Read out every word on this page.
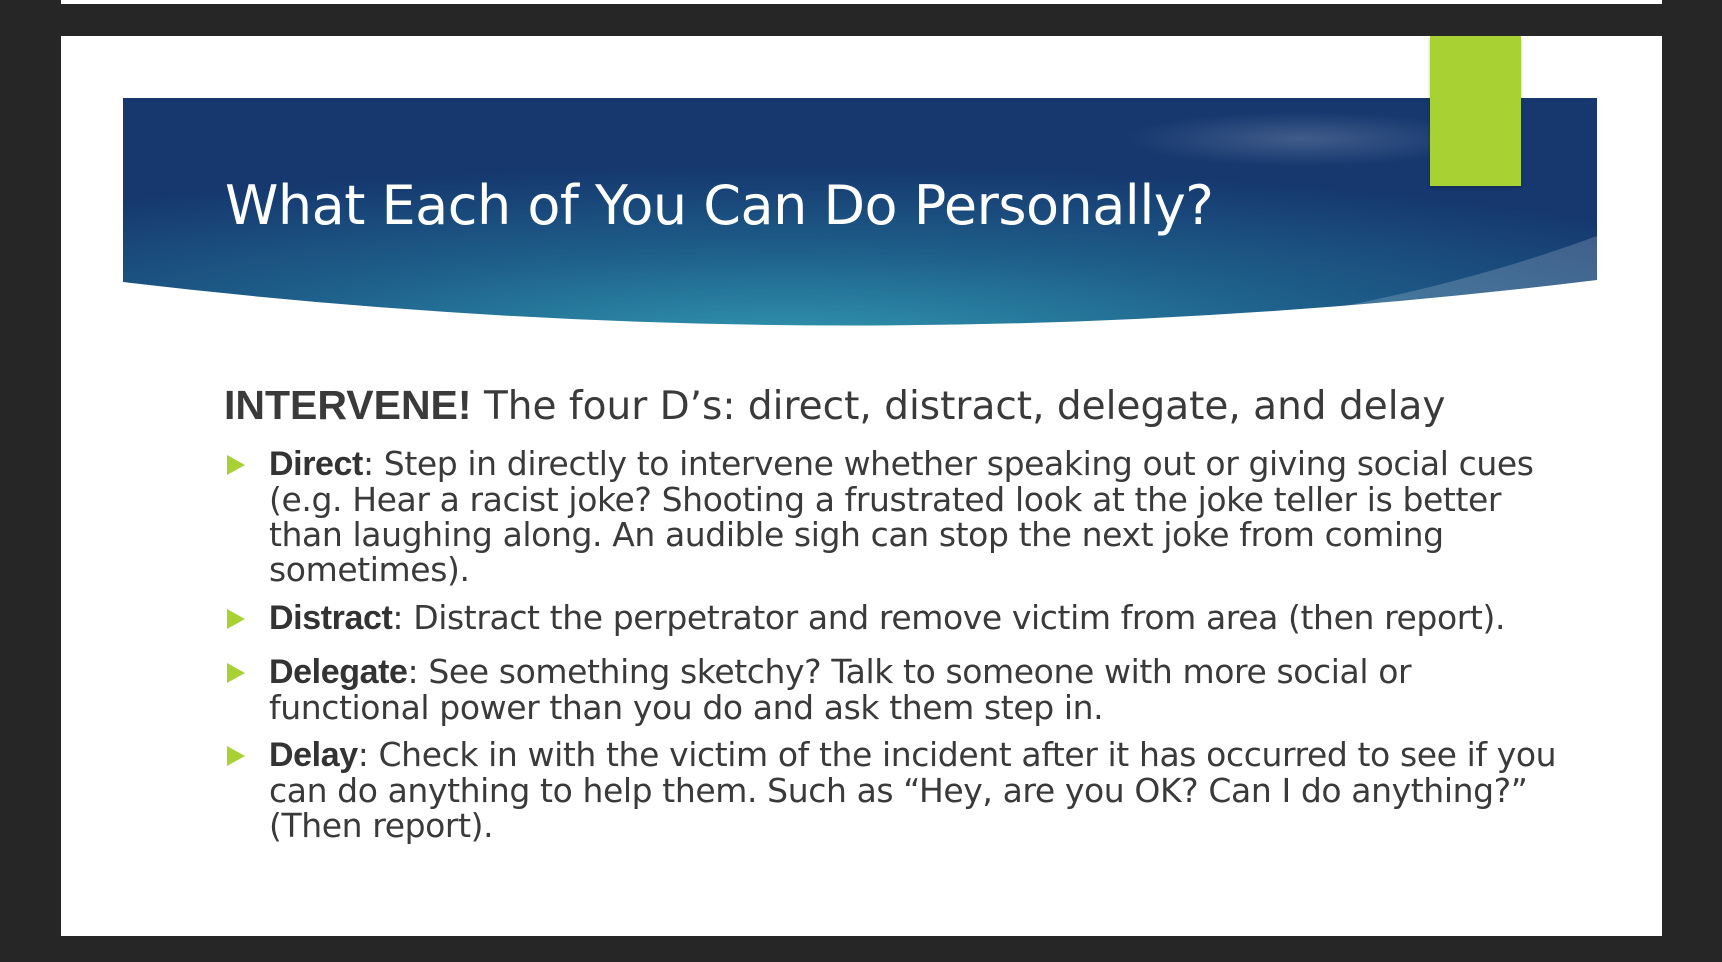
What Each of You Can Do Personally?

INTERVENE! The four D’s: direct, distract, delegate, and delay

Direct: Step in directly to intervene whether speaking out or giving social cues (e.g. Hear a racist joke? Shooting a frustrated look at the joke teller is better than laughing along. An audible sigh can stop the next joke from coming sometimes).
Distract: Distract the perpetrator and remove victim from area (then report).
Delegate: See something sketchy? Talk to someone with more social or functional power than you do and ask them step in.
Delay: Check in with the victim of the incident after it has occurred to see if you can do anything to help them. Such as “Hey, are you OK? Can I do anything?” (Then report).
